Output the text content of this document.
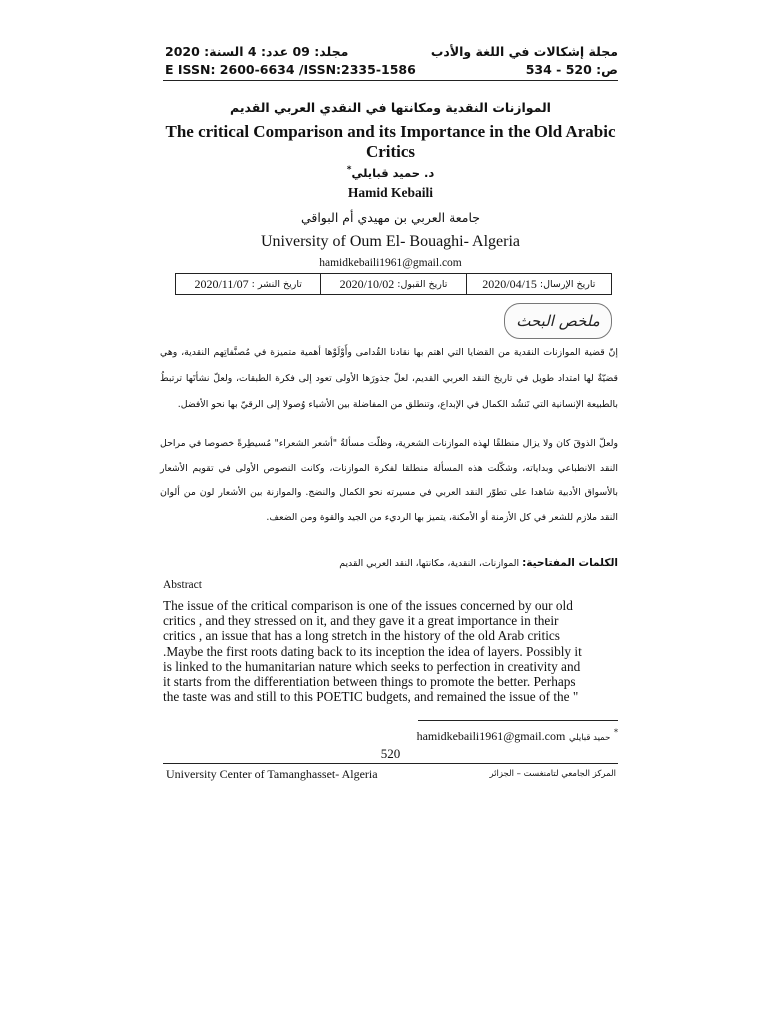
مجلد: 09 عدد: 4 السنة: 2020
E ISSN: 2600-6634 /ISSN:2335-1586
مجلة إشكالات في اللغة والأدب
ص: 520 - 534
الموازنات النقدية ومكانتها في النقدي العربي القديم
The critical Comparison and its Importance in the Old Arabic Critics
د. حميد قبايلي*
Hamid Kebaili
جامعة العربي بن مهيدي أم البواقي
University of Oum El- Bouaghi- Algeria
hamidkebaili1961@gmail.com
تاريخ الإرسال:
2020/04/15
تاريخ القبول:
2020/10/02
تاريخ النشر :
2020/11/07
ملخص البحث
إنّ قضية الموازنات النقدية من القضايا التي اهتم بها نقادنا القُدامى وأَوْلَوْها أهمية متميزة في مُصنَّفاتِهم النقدية، وهي قضيّةٌ لها امتداد طويل في تاريخ النقد العربي القديم، لعلّ جذورَها الأولى تعود إلى فكرة الطبقات، ولعلّ نشأتَها ترتبطُ بالطبيعة الإنسانية التي تَنشُد الكمال في الإبداع، وتنطلق من المفاضلة بين الأشياء وُصولا إلى الرقيّ بها نحو الأفضل.
ولعلّ الذوقَ كان ولا يزال منطلقًا لهذه الموازنات الشعرية، وظلّت مسألةُ "أشعر الشعراء" مُسيطِرةً خصوصا في مراحل النقد الانطباعي وبداياته، وشكّلت هذه المسألة منطلقا لفكرة الموازنات، وكانت النصوص الأولى في تقويم الأشعار بالأسواق الأدبية شاهدا على تطوّر النقد العربي في مسيرته نحو الكمال والنضج. والموازنة بين الأشعار لون من ألوان النقد ملازم للشعر في كل الأزمنة أو الأمكنة، يتميز بها الرديء من الجيد والقوة ومن الضعف.
الكلمات المفتاحية: الموازنات، النقدية، مكانتها، النقد العربي القديم
Abstract
The issue of the critical comparison is one of the issues concerned by our old
critics , and they stressed on it, and they gave it a great importance in their
critics , an issue that has a long stretch in the history of the old Arab critics
.Maybe the first roots dating back to its inception the idea of layers. Possibly it
is linked to the humanitarian nature which seeks to perfection in creativity and
it starts from the differentiation between things to promote the better. Perhaps
the taste was and still to this POETIC budgets, and remained the issue of the "
* حميد قبايلي hamidkebaili1961@gmail.com
520
University Center of Tamanghasset- Algeria	المركز الجامعي لتامنغست – الجزائر
